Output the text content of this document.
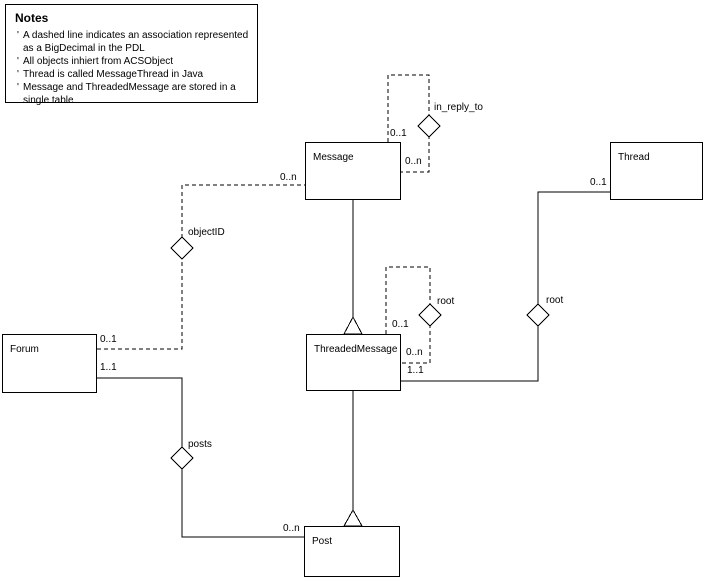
Notes
' A dashed line indicates an association represented
as a BigDecimal in the PDL
' All objects inhiert from ACSObject
' Thread is called MessageThread in Java
' Message and ThreadedMessage are stored in a
single table
Message	Thread
ThreadedMessage
Forum
Post
in_reply_to
objectID
root	root
posts
0..1
0..n
0..1
0..n
0..1
0..n
0..1
1..1
1..1
0..n
